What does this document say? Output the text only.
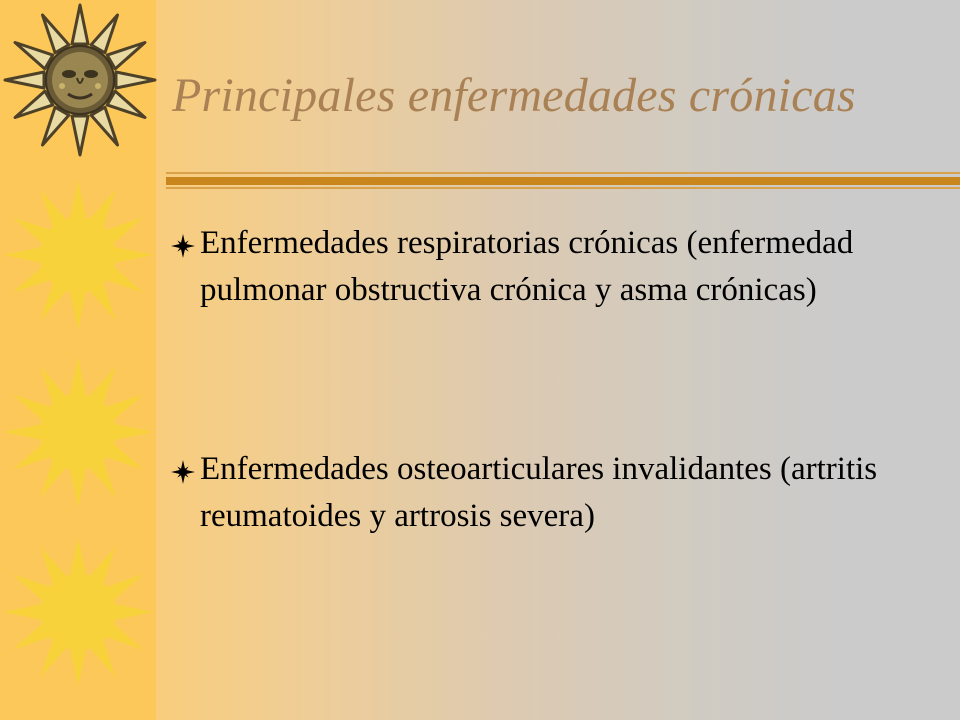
Principales enfermedades crónicas
Enfermedades respiratorias crónicas (enfermedad pulmonar obstructiva crónica y asma crónicas)
Enfermedades osteoarticulares invalidantes (artritis reumatoides y artrosis severa)
